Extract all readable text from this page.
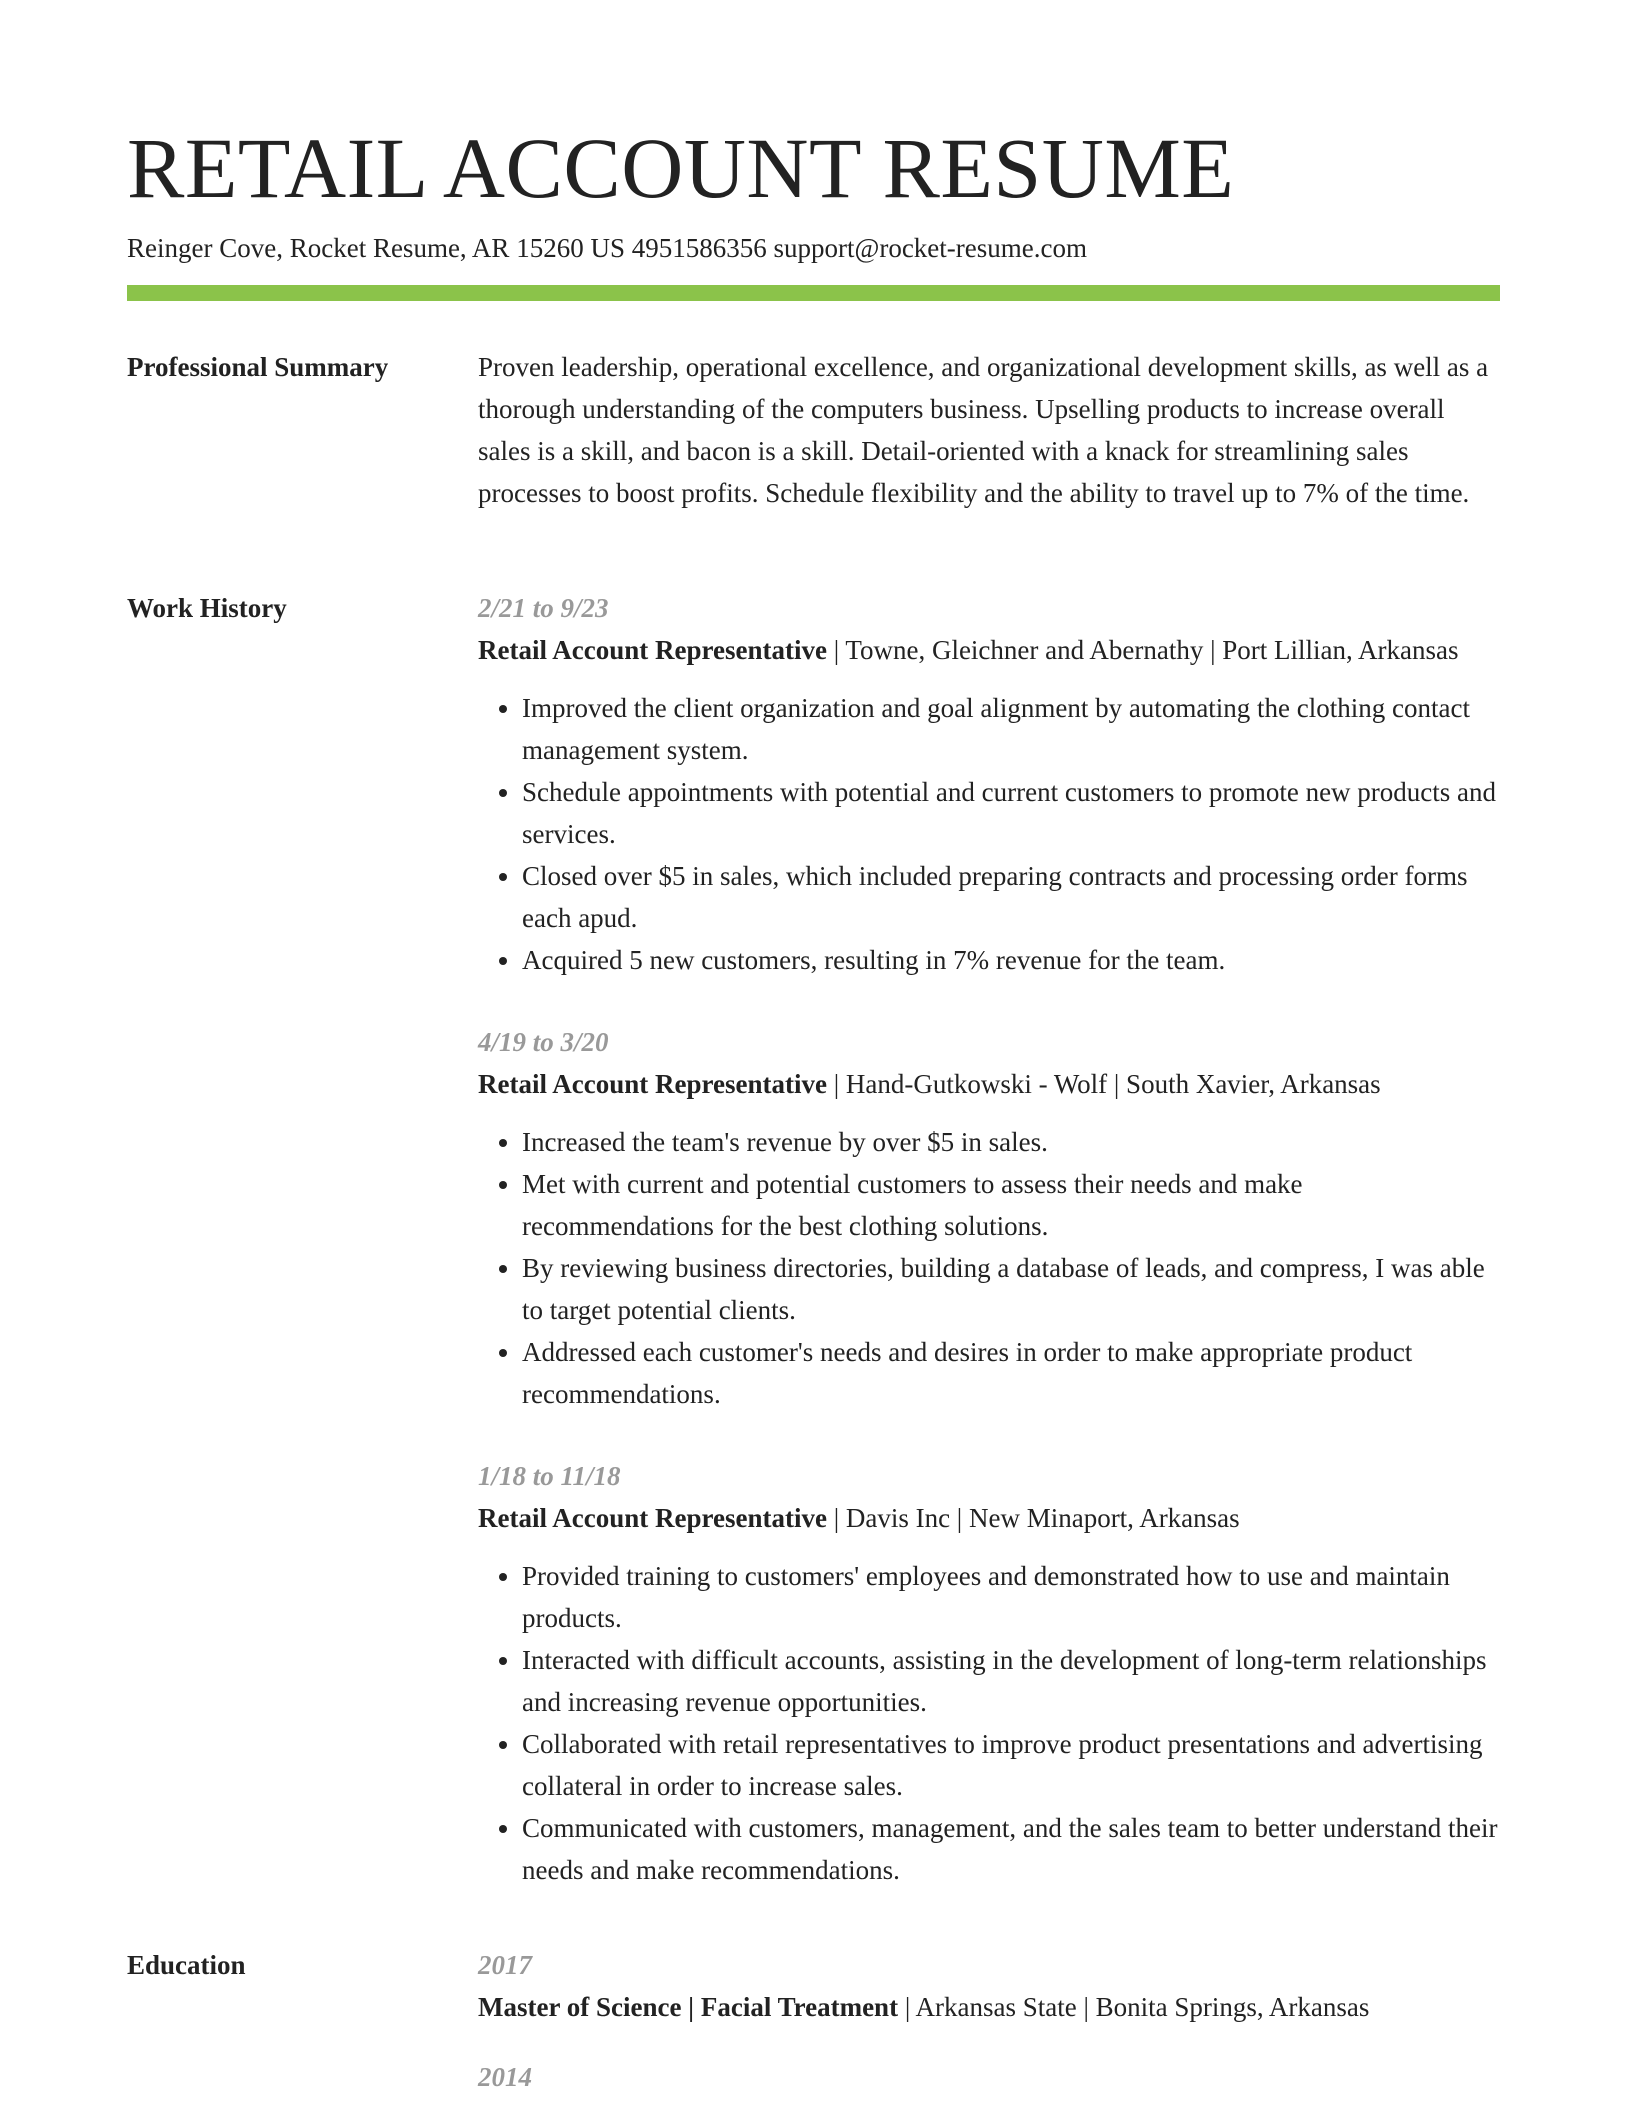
RETAIL ACCOUNT RESUME
Reinger Cove, Rocket Resume, AR 15260 US 4951586356 support@rocket-resume.com
Professional Summary	Proven leadership, operational excellence, and organizational development skills, as well as a thorough understanding of the computers business. Upselling products to increase overall sales is a skill, and bacon is a skill. Detail-oriented with a knack for streamlining sales processes to boost profits. Schedule flexibility and the ability to travel up to 7% of the time.

Work History	2/21 to 9/23

Retail Account Representative | Towne, Gleichner and Abernathy | Port Lillian, Arkansas

• Improved the client organization and goal alignment by automating the clothing contact management system.
• Schedule appointments with potential and current customers to promote new products and services.
• Closed over $5 in sales, which included preparing contracts and processing order forms each apud.
• Acquired 5 new customers, resulting in 7% revenue for the team.
4/19 to 3/20

Retail Account Representative | Hand-Gutkowski - Wolf | South Xavier, Arkansas

• Increased the team's revenue by over $5 in sales.
• Met with current and potential customers to assess their needs and make recommendations for the best clothing solutions.
• By reviewing business directories, building a database of leads, and compress, I was able to target potential clients.
• Addressed each customer's needs and desires in order to make appropriate product recommendations.
1/18 to 11/18

Retail Account Representative | Davis Inc | New Minaport, Arkansas

• Provided training to customers' employees and demonstrated how to use and maintain products.
• Interacted with difficult accounts, assisting in the development of long-term relationships and increasing revenue opportunities.
• Collaborated with retail representatives to improve product presentations and advertising collateral in order to increase sales.
• Communicated with customers, management, and the sales team to better understand their needs and make recommendations.
Education	2017

Master of Science | Facial Treatment | Arkansas State | Bonita Springs, Arkansas

2014
